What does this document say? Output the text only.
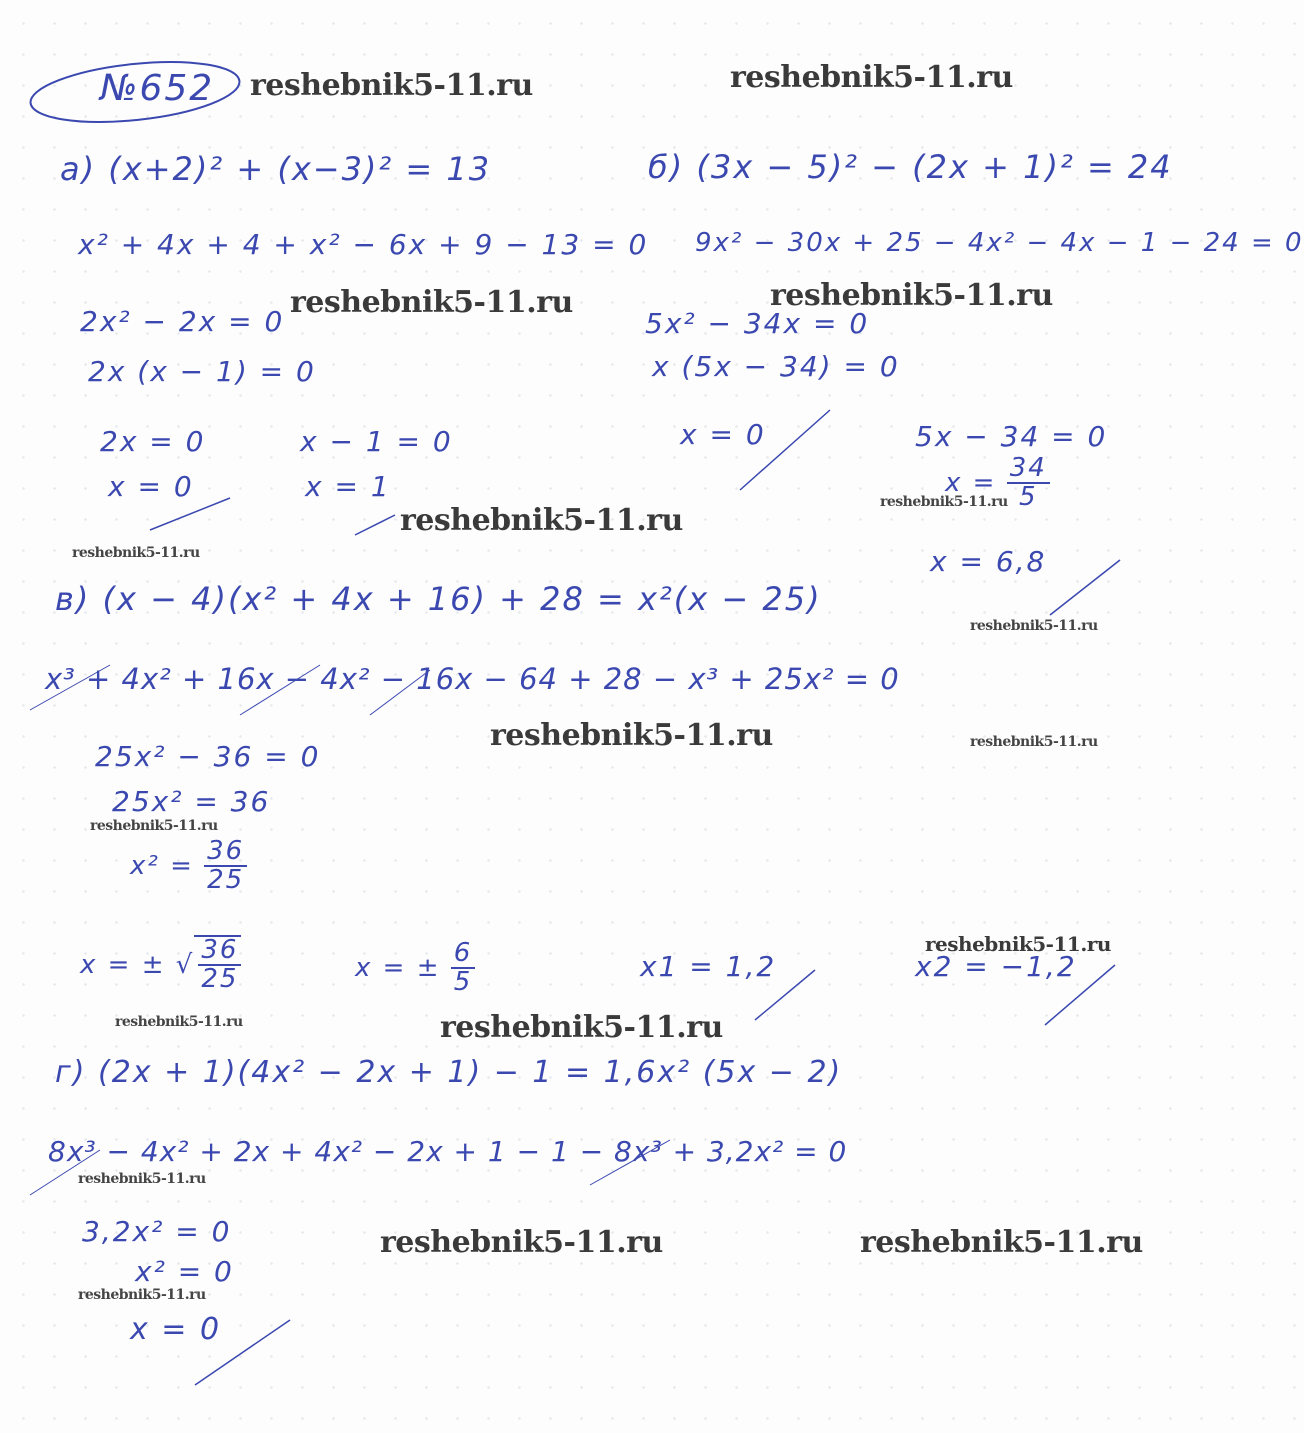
№652 reshebnik5-11.ru	reshebnik5-11.ru
reshebnik5-11.ru	reshebnik5-11.ru
reshebnik5-11.ru
reshebnik5-11.ru
reshebnik5-11.ru
reshebnik5-11.ru	reshebnik5-11.ru
reshebnik5-11.ru
reshebnik5-11.ru
reshebnik5-11.ru
reshebnik5-11.ru
reshebnik5-11.ru
reshebnik5-11.ru
reshebnik5-11.ru
reshebnik5-11.ru
reshebnik5-11.ru
а) (x+2)² + (x−3)² = 13
x² + 4x + 4 + x² − 6x + 9 − 13 = 0
2x² − 2x = 0
2x (x − 1) = 0
2x = 0
x = 0
x − 1 = 0
x = 1
б) (3x − 5)² − (2x + 1)² = 24
9x² − 30x + 25 − 4x² − 4x − 1 − 24 = 0
5x² − 34x = 0
x (5x − 34) = 0
x = 0	5x − 34 = 0
$x = \frac{34}{5}$
x = 6,8
в) (x − 4)(x² + 4x + 16) + 28 = x²(x − 25)
x³ + 4x² + 16x − 4x² − 16x − 64 + 28 − x³ + 25x² = 0
25x² − 36 = 0
25x² = 36
$x^2 = \frac{36}{25}$
x = ± √ $\frac{36}{25}$	x = ± $\frac{6}{5}$	x1 = 1,2	x2 = −1,2
г) (2x + 1)(4x² − 2x + 1) − 1 = 1,6x² (5x − 2)
8x³ − 4x² + 2x + 4x² − 2x + 1 − 1 − 8x³ + 3,2x² = 0
3,2x² = 0
x² = 0
x = 0
